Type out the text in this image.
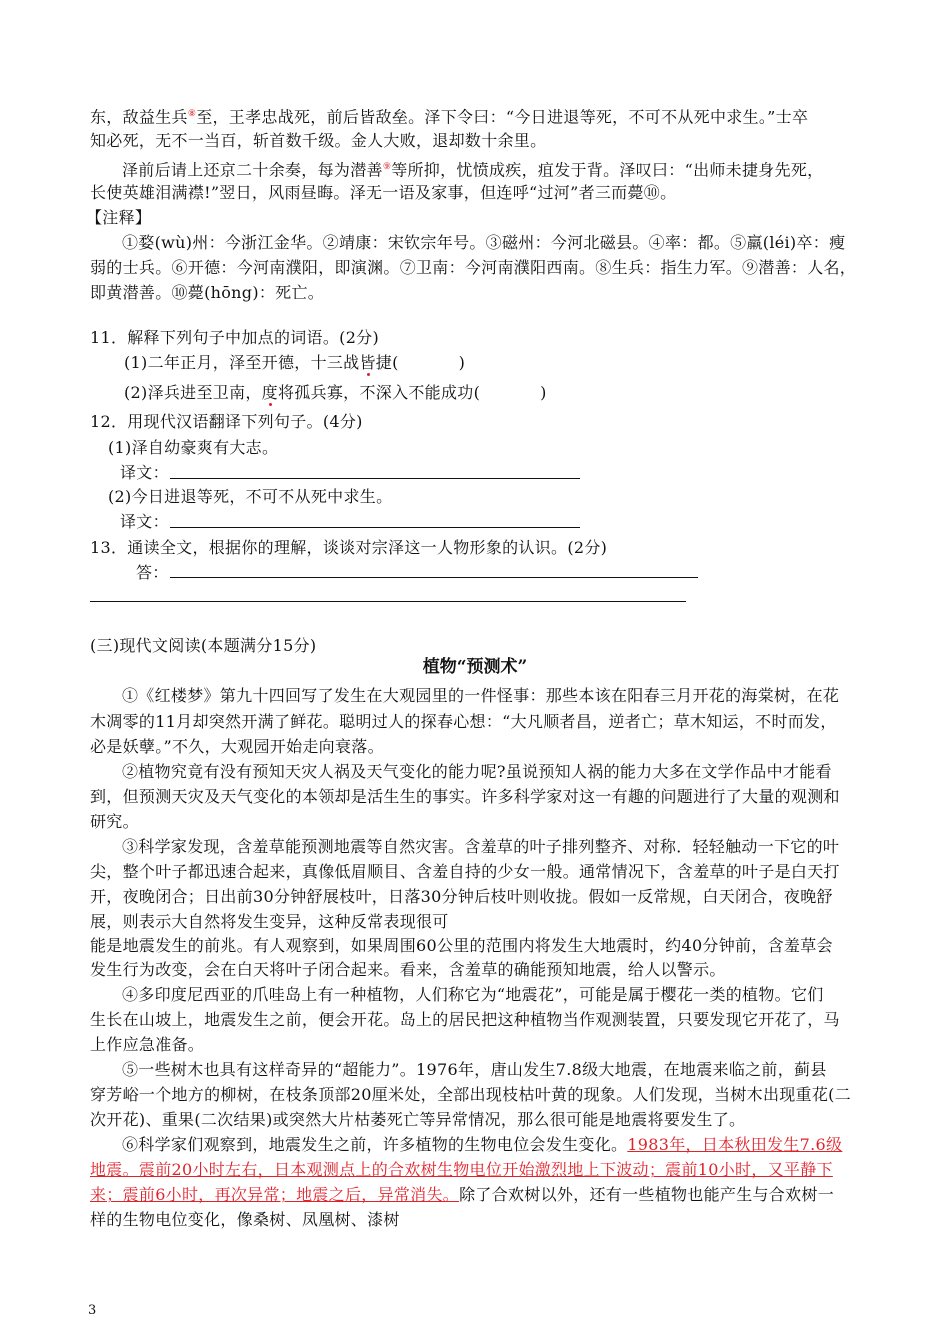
东，敌益生兵⑧至，王孝忠战死，前后皆敌垒。泽下令曰：“今日进退等死，不可不从死中求生。”士卒
知必死，无不一当百，斩首数千级。金人大败，退却数十余里。
泽前后请上还京二十余奏，每为潜善⑨等所抑，忧愤成疾，疽发于背。泽叹曰：“出师未捷身先死，
长使英雄泪满襟!”翌日，风雨昼晦。泽无一语及家事，但连呼“过河”者三而薨⑩。
【注释】
①婺(wù)州：今浙江金华。②靖康：宋钦宗年号。③磁州：今河北磁县。④率：都。⑤羸(léi)卒：瘦
弱的士兵。⑥开德：今河南濮阳，即演渊。⑦卫南：今河南濮阳西南。⑧生兵：指生力军。⑨潜善：人名，
即黄潜善。⑩薨(hōng)：死亡。
11．解释下列句子中加点的词语。(2分)
(1)二年正月，泽至开德，十三战皆捷(	)
(2)泽兵进至卫南，度将孤兵寡，不深入不能成功(	)
12．用现代汉语翻译下列句子。(4分)
(1)泽自幼豪爽有大志。
译文：
(2)今日进退等死，不可不从死中求生。
译文：
13．通读全文，根据你的理解，谈谈对宗泽这一人物形象的认识。(2分)
答：
(三)现代文阅读(本题满分15分)
植物“预测术”
①《红楼梦》第九十四回写了发生在大观园里的一件怪事：那些本该在阳春三月开花的海棠树，在花
木凋零的11月却突然开满了鲜花。聪明过人的探春心想：“大凡顺者昌，逆者亡；草木知运，不时而发，
必是妖孽。”不久，大观园开始走向衰落。
②植物究竟有没有预知天灾人祸及天气变化的能力呢?虽说预知人祸的能力大多在文学作品中才能看
到，但预测天灾及天气变化的本领却是活生生的事实。许多科学家对这一有趣的问题进行了大量的观测和
研究。
③科学家发现，含羞草能预测地震等自然灾害。含羞草的叶子排列整齐、对称．轻轻触动一下它的叶
尖，整个叶子都迅速合起来，真像低眉顺目、含羞自持的少女一般。通常情况下，含羞草的叶子是白天打
开，夜晚闭合；日出前30分钟舒展枝叶，日落30分钟后枝叶则收拢。假如一反常规，白天闭合，夜晚舒
展，则表示大自然将发生变异，这种反常表现很可
能是地震发生的前兆。有人观察到，如果周围60公里的范围内将发生大地震时，约40分钟前，含羞草会
发生行为改变，会在白天将叶子闭合起来。看来，含羞草的确能预知地震，给人以警示。
④多印度尼西亚的爪哇岛上有一种植物，人们称它为“地震花”，可能是属于樱花一类的植物。它们
生长在山坡上，地震发生之前，便会开花。岛上的居民把这种植物当作观测装置，只要发现它开花了，马
上作应急准备。
⑤一些树木也具有这样奇异的“超能力”。1976年，唐山发生7.8级大地震，在地震来临之前，蓟县
穿芳峪一个地方的柳树，在枝条顶部20厘米处，全部出现枝枯叶黄的现象。人们发现，当树木出现重花(二
次开花)、重果(二次结果)或突然大片枯萎死亡等异常情况，那么很可能是地震将要发生了。
⑥科学家们观察到，地震发生之前，许多植物的生物电位会发生变化。1983年，日本秋田发生7.6级
地震。震前20小时左右，日本观测点上的合欢树生物电位开始激烈地上下波动；震前10小时，又平静下
来；震前6小时，再次异常；地震之后，异常消失。除了合欢树以外，还有一些植物也能产生与合欢树一
样的生物电位变化，像桑树、凤凰树、漆树
3
